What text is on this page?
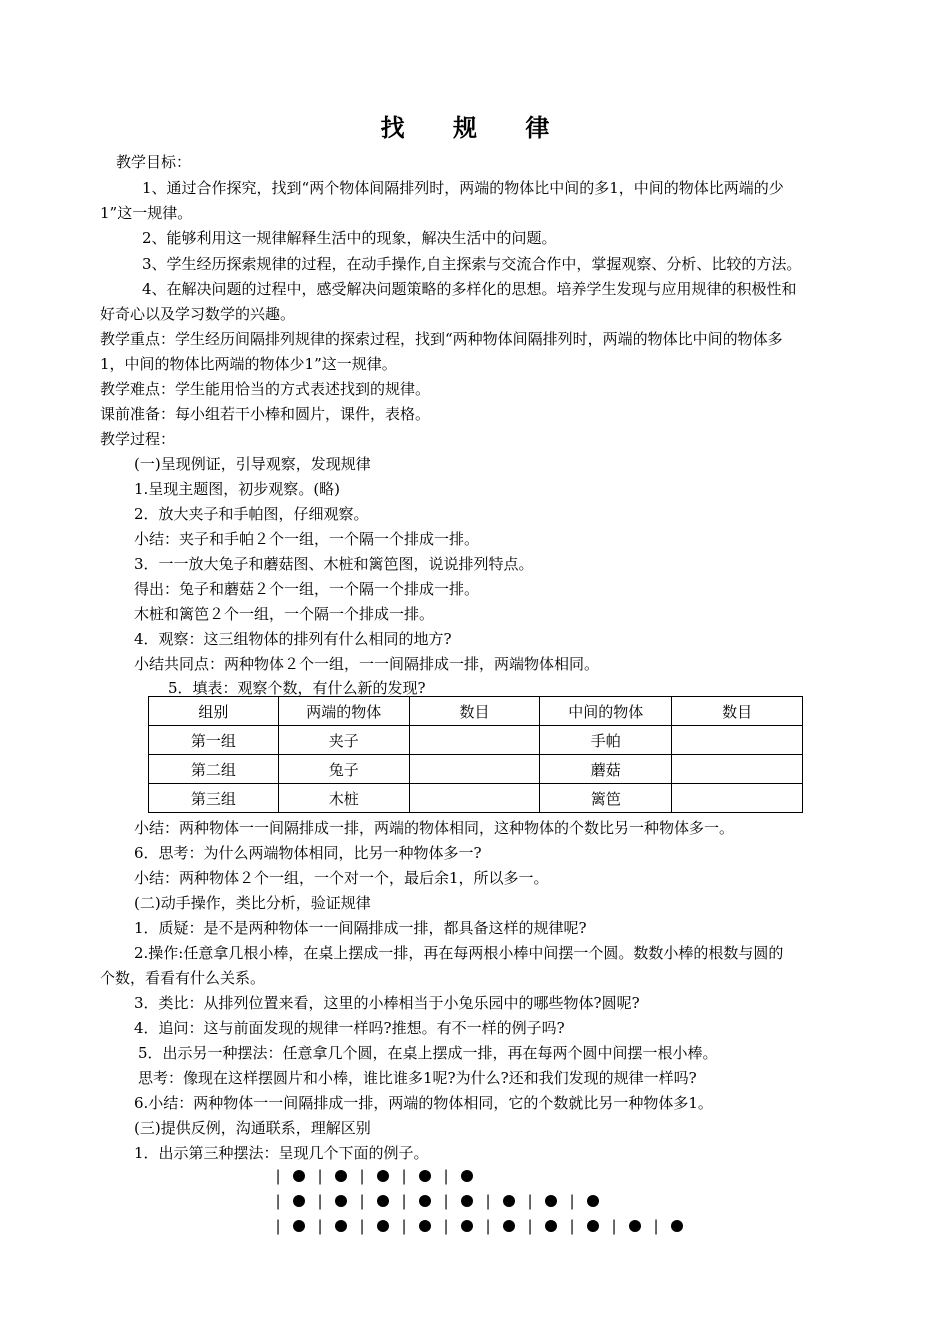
找 规 律
教学目标：
1、通过合作探究，找到“两个物体间隔排列时，两端的物体比中间的多1，中间的物体比两端的少
1”这一规律。
2、能够利用这一规律解释生活中的现象，解决生活中的问题。
3、学生经历探索规律的过程，在动手操作,自主探索与交流合作中，掌握观察、分析、比较的方法。
4、在解决问题的过程中，感受解决问题策略的多样化的思想。培养学生发现与应用规律的积极性和
好奇心以及学习数学的兴趣。
教学重点：学生经历间隔排列规律的探索过程，找到“两种物体间隔排列时，两端的物体比中间的物体多
1，中间的物体比两端的物体少1”这一规律。
教学难点：学生能用恰当的方式表述找到的规律。
课前准备：每小组若干小棒和圆片，课件，表格。
教学过程：
(一)呈现例证，引导观察，发现规律
1.呈现主题图，初步观察。(略)
2．放大夹子和手帕图，仔细观察。
小结：夹子和手帕２个一组，一个隔一个排成一排。
3．一一放大兔子和蘑菇图、木桩和篱笆图，说说排列特点。
得出：兔子和蘑菇２个一组，一个隔一个排成一排。
木桩和篱笆２个一组，一个隔一个排成一排。
4．观察：这三组物体的排列有什么相同的地方?
小结共同点：两种物体２个一组，一一间隔排成一排，两端物体相同。
5．填表：观察个数，有什么新的发现?
小结：两种物体一一间隔排成一排，两端的物体相同，这种物体的个数比另一种物体多一。
6．思考：为什么两端物体相同，比另一种物体多一?
小结：两种物体２个一组，一个对一个，最后余1，所以多一。
(二)动手操作，类比分析，验证规律
1．质疑：是不是两种物体一一间隔排成一排，都具备这样的规律呢?
2.操作:任意拿几根小棒，在桌上摆成一排，再在每两根小棒中间摆一个圆。数数小棒的根数与圆的
个数，看看有什么关系。
3．类比：从排列位置来看，这里的小棒相当于小兔乐园中的哪些物体?圆呢?
4．追问：这与前面发现的规律一样吗?推想。有不一样的例子吗?
5．出示另一种摆法：任意拿几个圆，在桌上摆成一排，再在每两个圆中间摆一根小棒。
思考：像现在这样摆圆片和小棒，谁比谁多1呢?为什么?还和我们发现的规律一样吗?
6.小结：两种物体一一间隔排成一排，两端的物体相同，它的个数就比另一种物体多1。
(三)提供反例，沟通联系，理解区别
1．出示第三种摆法：呈现几个下面的例子。
组别	两端的物体	数目	中间的物体	数目
第一组	夹子		手帕	
第二组	兔子		蘑菇	
第三组	木桩		篱笆	
| | | | |
| | | | | | | |
| | | | | | | | | |
